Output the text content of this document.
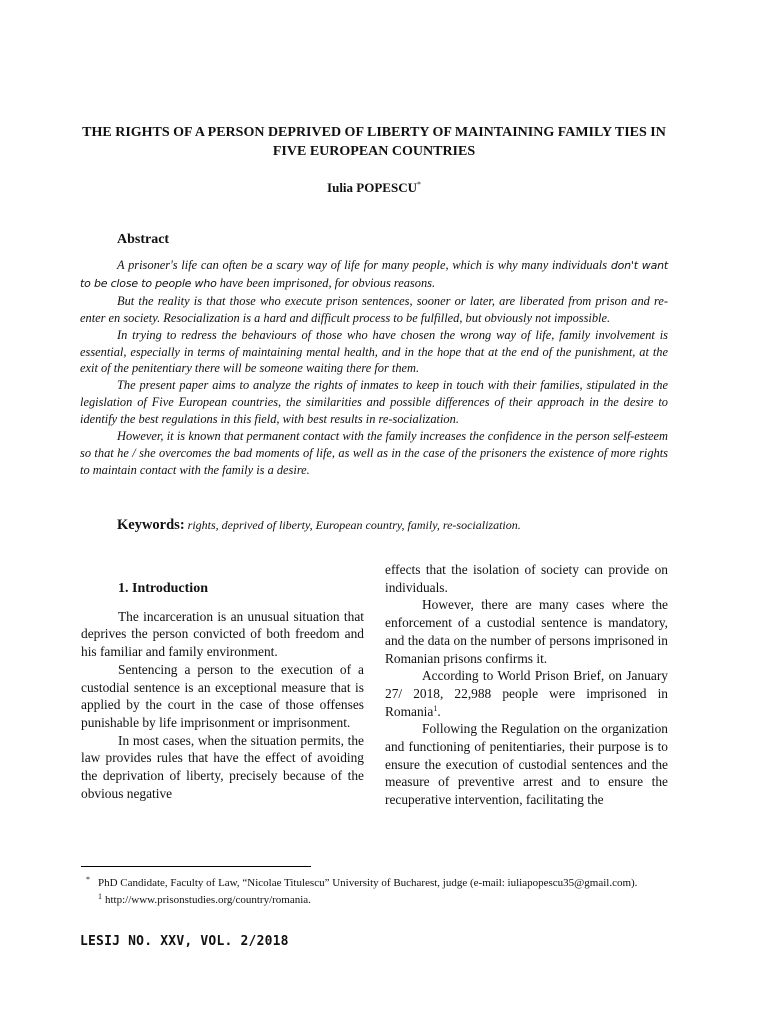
THE RIGHTS OF A PERSON DEPRIVED OF LIBERTY OF MAINTAINING FAMILY TIES IN FIVE EUROPEAN COUNTRIES
Iulia POPESCU*
Abstract

A prisoner's life can often be a scary way of life for many people, which is why many individuals don't want to be close to people who have been imprisoned, for obvious reasons.

But the reality is that those who execute prison sentences, sooner or later, are liberated from prison and re-enter en society. Resocialization is a hard and difficult process to be fulfilled, but obviously not impossible.

In trying to redress the behaviours of those who have chosen the wrong way of life, family involvement is essential, especially in terms of maintaining mental health, and in the hope that at the end of the punishment, at the exit of the penitentiary there will be someone waiting there for them.

The present paper aims to analyze the rights of inmates to keep in touch with their families, stipulated in the legislation of Five European countries, the similarities and possible differences of their approach in the desire to identify the best regulations in this field, with best results in re-socialization.

However, it is known that permanent contact with the family increases the confidence in the person self-esteem so that he / she overcomes the bad moments of life, as well as in the case of the prisoners the existence of more rights to maintain contact with the family is a desire.

Keywords: rights, deprived of liberty, European country, family, re-socialization.
1. Introduction

The incarceration is an unusual situation that deprives the person convicted of both freedom and his familiar and family environment.

Sentencing a person to the execution of a custodial sentence is an exceptional measure that is applied by the court in the case of those offenses punishable by life imprisonment or imprisonment.

In most cases, when the situation permits, the law provides rules that have the effect of avoiding the deprivation of liberty, precisely because of the obvious negative

effects that the isolation of society can provide on individuals.

However, there are many cases where the enforcement of a custodial sentence is mandatory, and the data on the number of persons imprisoned in Romanian prisons confirms it.

According to World Prison Brief, on January 27/ 2018, 22,988 people were imprisoned in Romania$^1$.

Following the Regulation on the organization and functioning of penitentiaries, their purpose is to ensure the execution of custodial sentences and the measure of preventive arrest and to ensure the recuperative intervention, facilitating the

* PhD Candidate, Faculty of Law, “Nicolae Titulescu” University of Bucharest, judge (e-mail: iuliapopescu35@gmail.com).

$^1$ http://www.prisonstudies.org/country/romania.

LESIJ NO. XXV, VOL. 2/2018
